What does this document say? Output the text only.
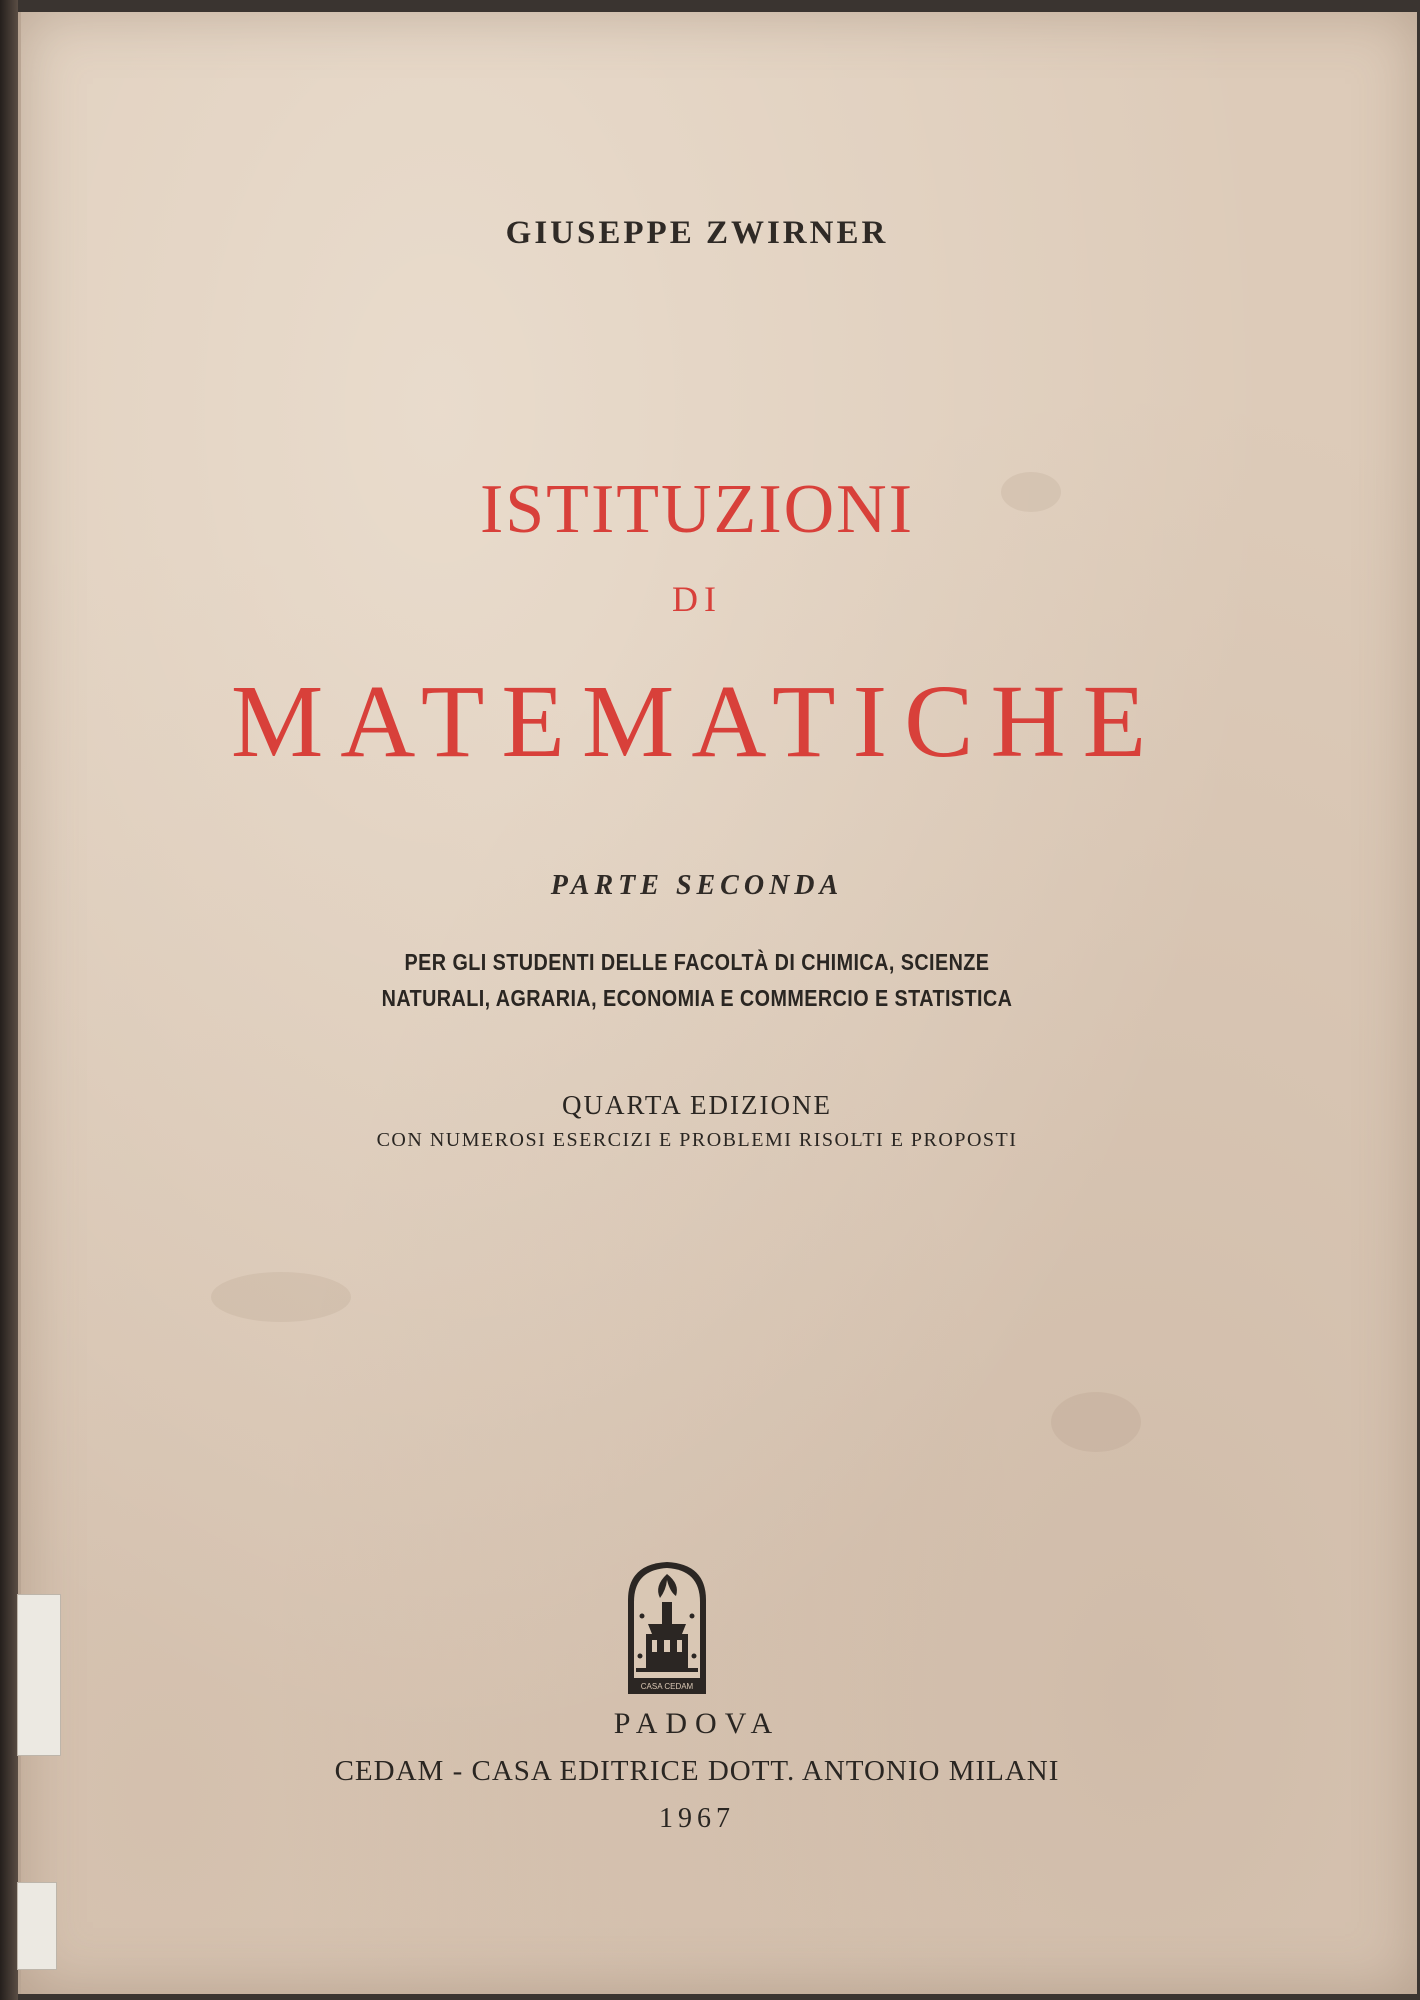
GIUSEPPE ZWIRNER
ISTITUZIONI
DI
MATEMATICHE
PARTE SECONDA
PER GLI STUDENTI DELLE FACOLTÀ DI CHIMICA, SCIENZE
NATURALI, AGRARIA, ECONOMIA E COMMERCIO E STATISTICA
QUARTA EDIZIONE
CON NUMEROSI ESERCIZI E PROBLEMI RISOLTI E PROPOSTI
CASA CEDAM
PADOVA
CEDAM - CASA EDITRICE DOTT. ANTONIO MILANI
1967
